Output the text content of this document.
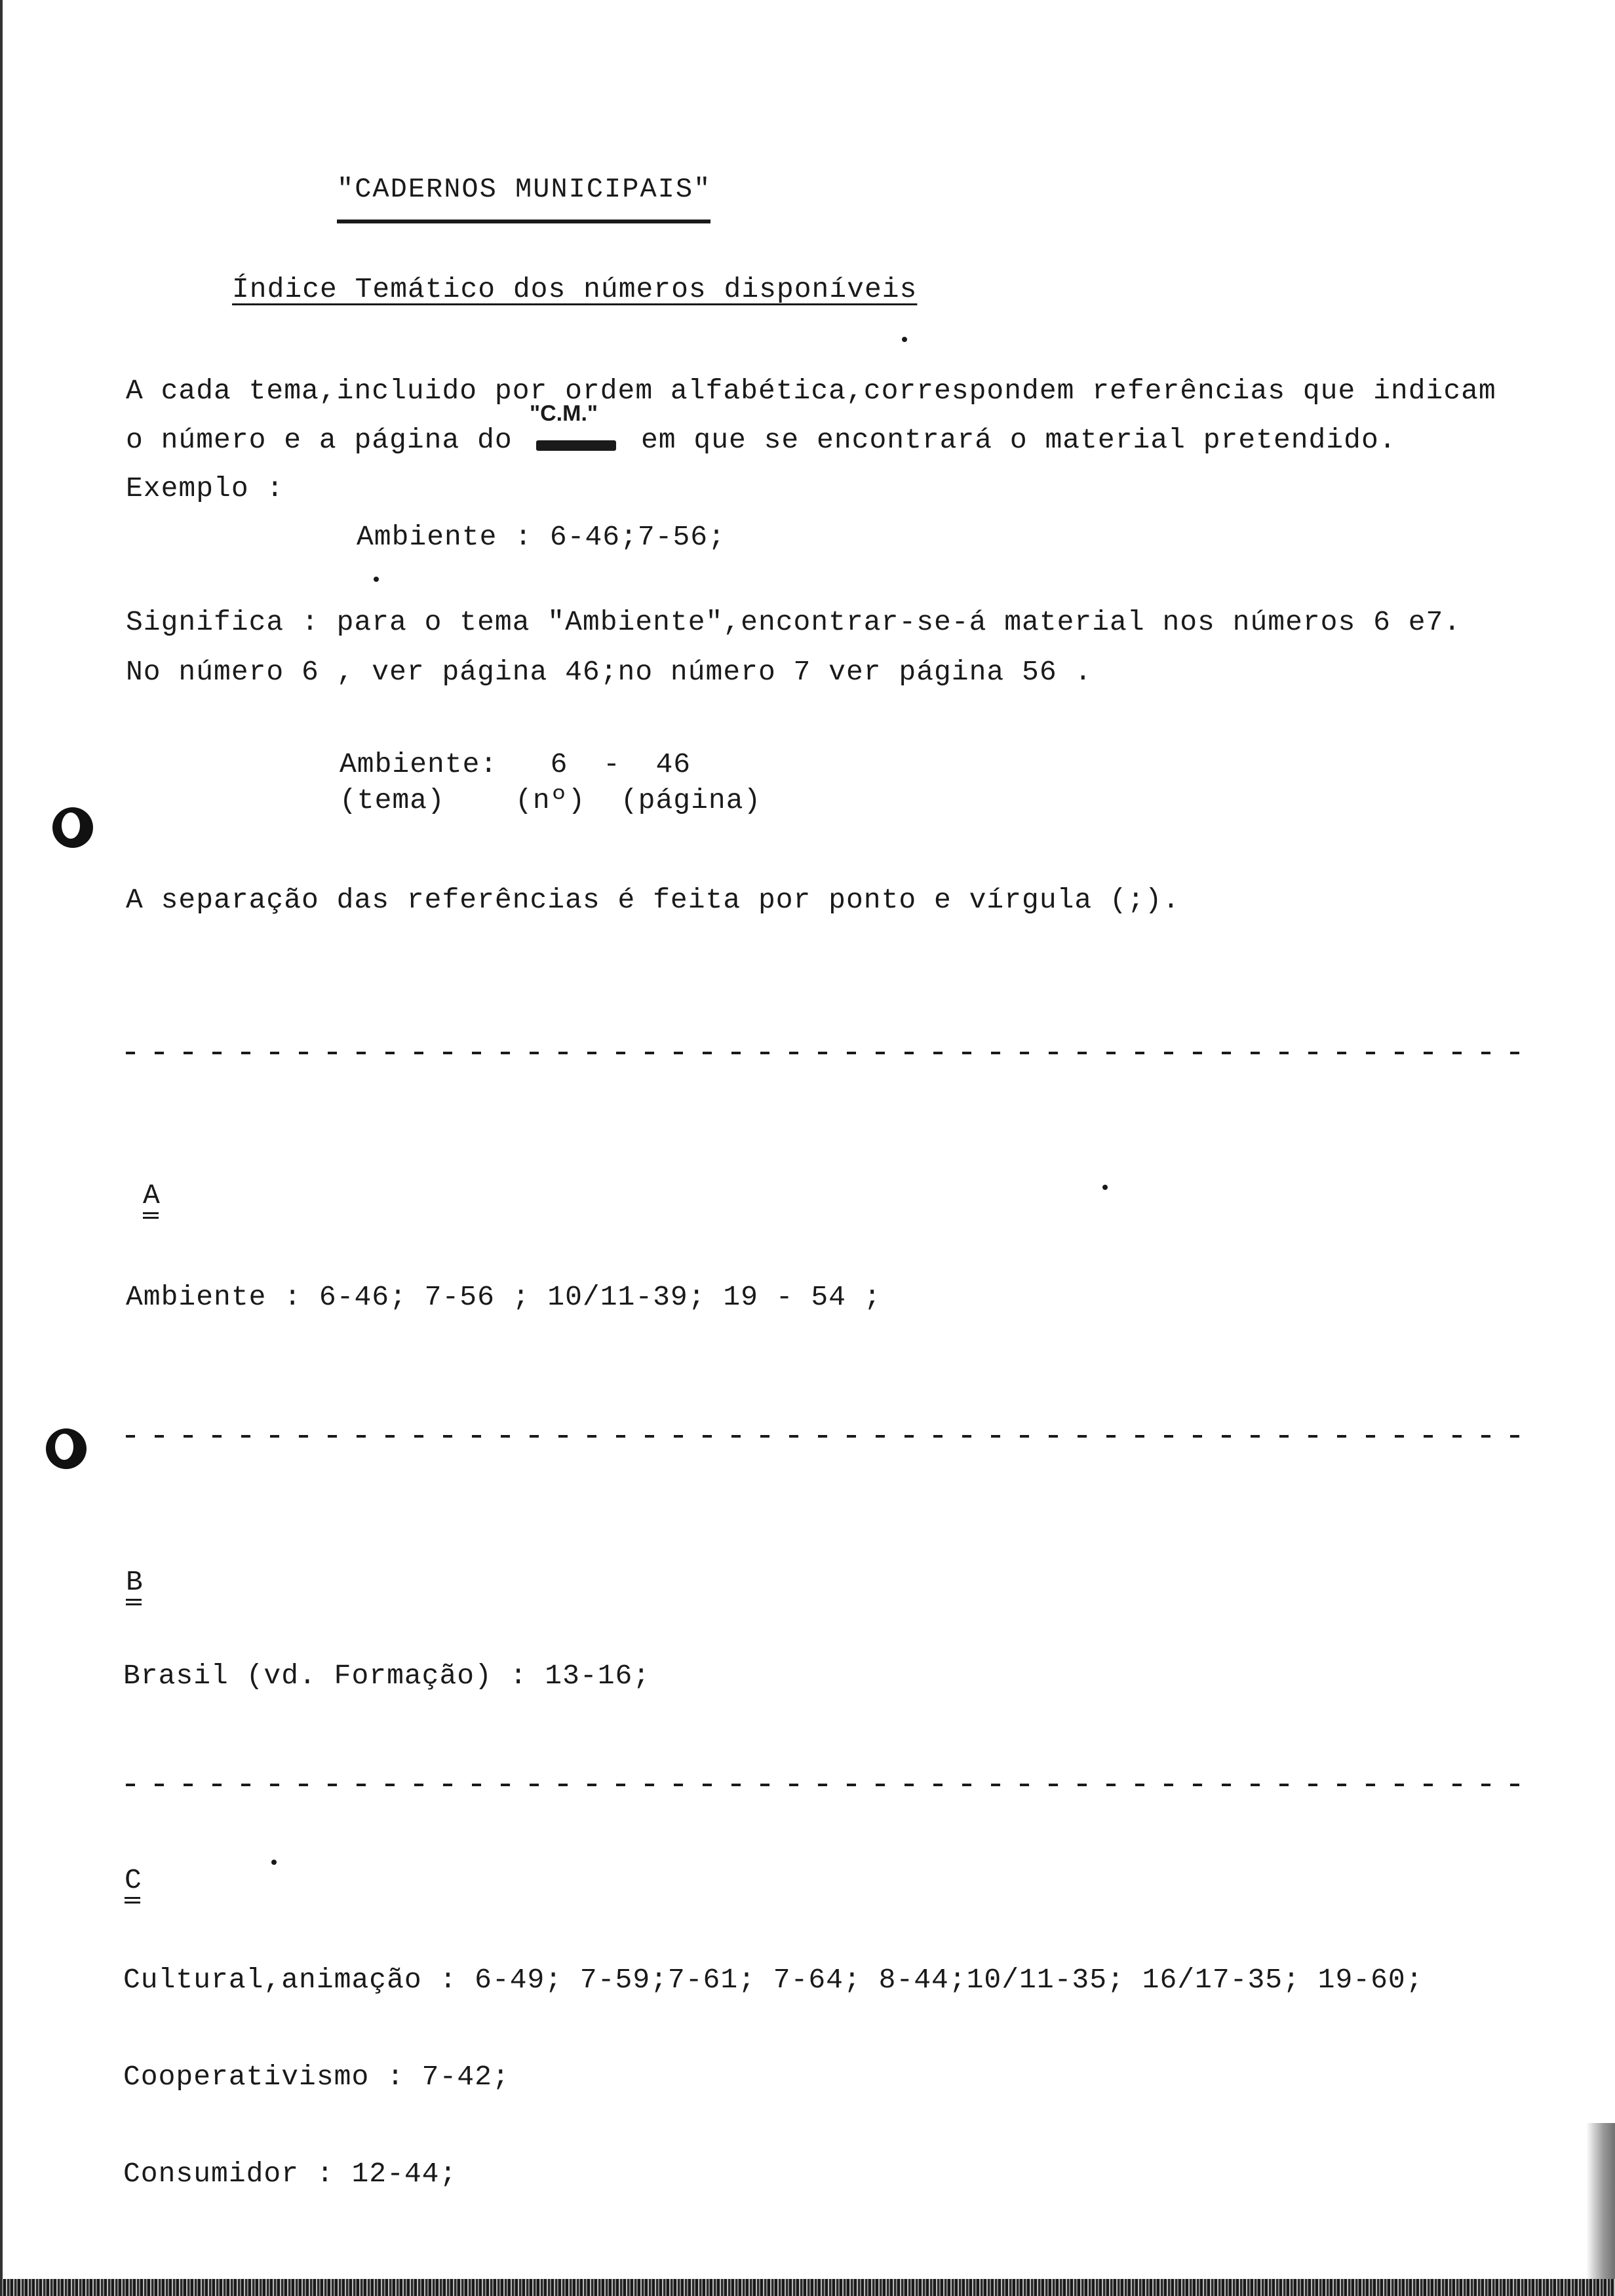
"CADERNOS MUNICIPAIS"
Índice Temático dos números disponíveis
A cada tema,incluido por ordem alfabética,correspondem referências que indicam
o número e a página do
"C.M."
em que se encontrará o material pretendido.
Exemplo :
Ambiente : 6-46;7-56;
Significa : para o tema "Ambiente",encontrar-se-á material nos números 6 e7.
No número 6 , ver página 46;no número 7 ver página 56 .
Ambiente:   6  -  46
(tema)    (nº)  (página)
A separação das referências é feita por ponto e vírgula (;).
A
Ambiente : 6-46; 7-56 ; 10/11-39; 19 - 54 ;
B
Brasil (vd. Formação) : 13-16;
C
Cultural,animação : 6-49; 7-59;7-61; 7-64; 8-44;10/11-35; 16/17-35; 19-60;
Cooperativismo : 7-42;
Consumidor : 12-44;
